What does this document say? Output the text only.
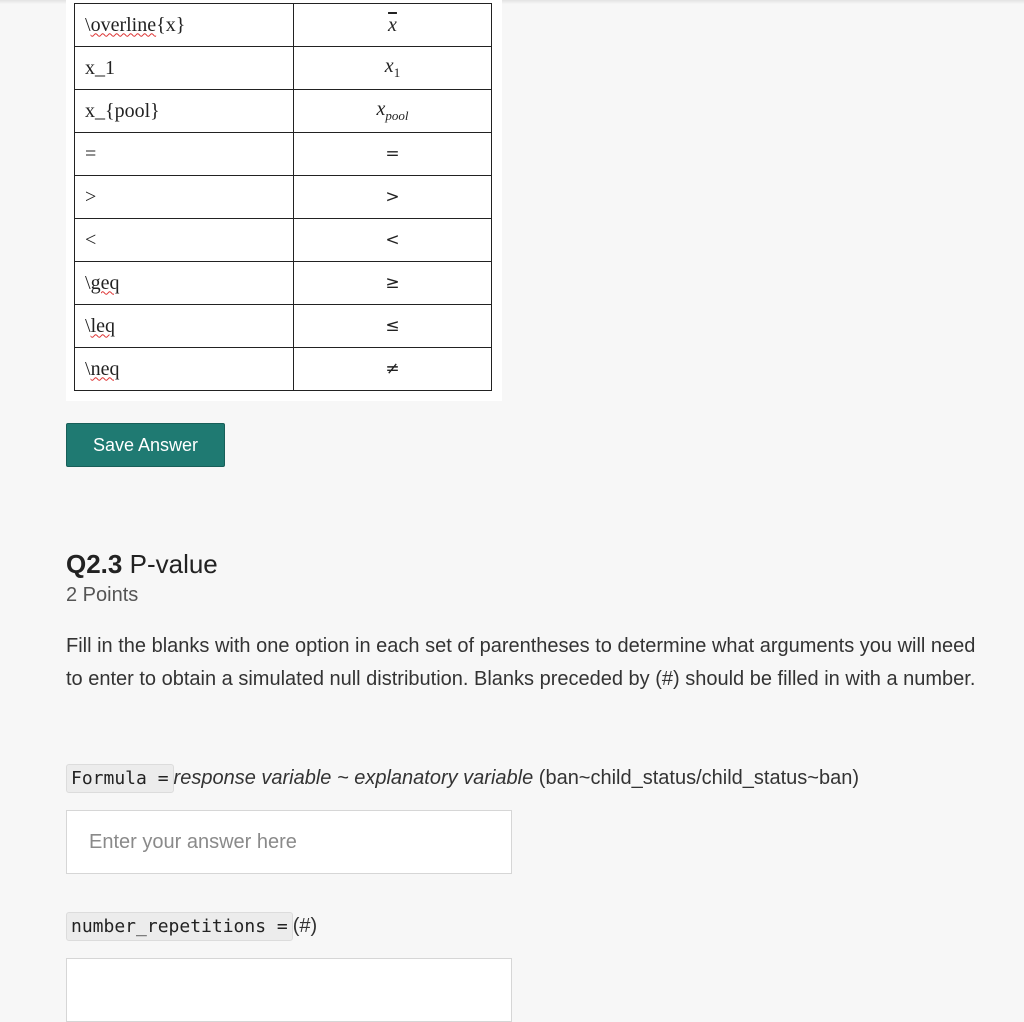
\overline{x}	$\overline{x}$
x_1	$x_1$
x_{pool}	$x_{pool}$
=	=
>	>
<	<
\geq	≥
\leq	≤
\neq	≠
Save Answer
Q2.3 P-value
2 Points
Fill in the blanks with one option in each set of parentheses to determine what arguments you will need to enter to obtain a simulated null distribution. Blanks preceded by (#) should be filled in with a number.
Formula = response variable ~ explanatory variable
(ban~child_status/child_status~ban)
Enter your answer here
number_repetitions = (#)
